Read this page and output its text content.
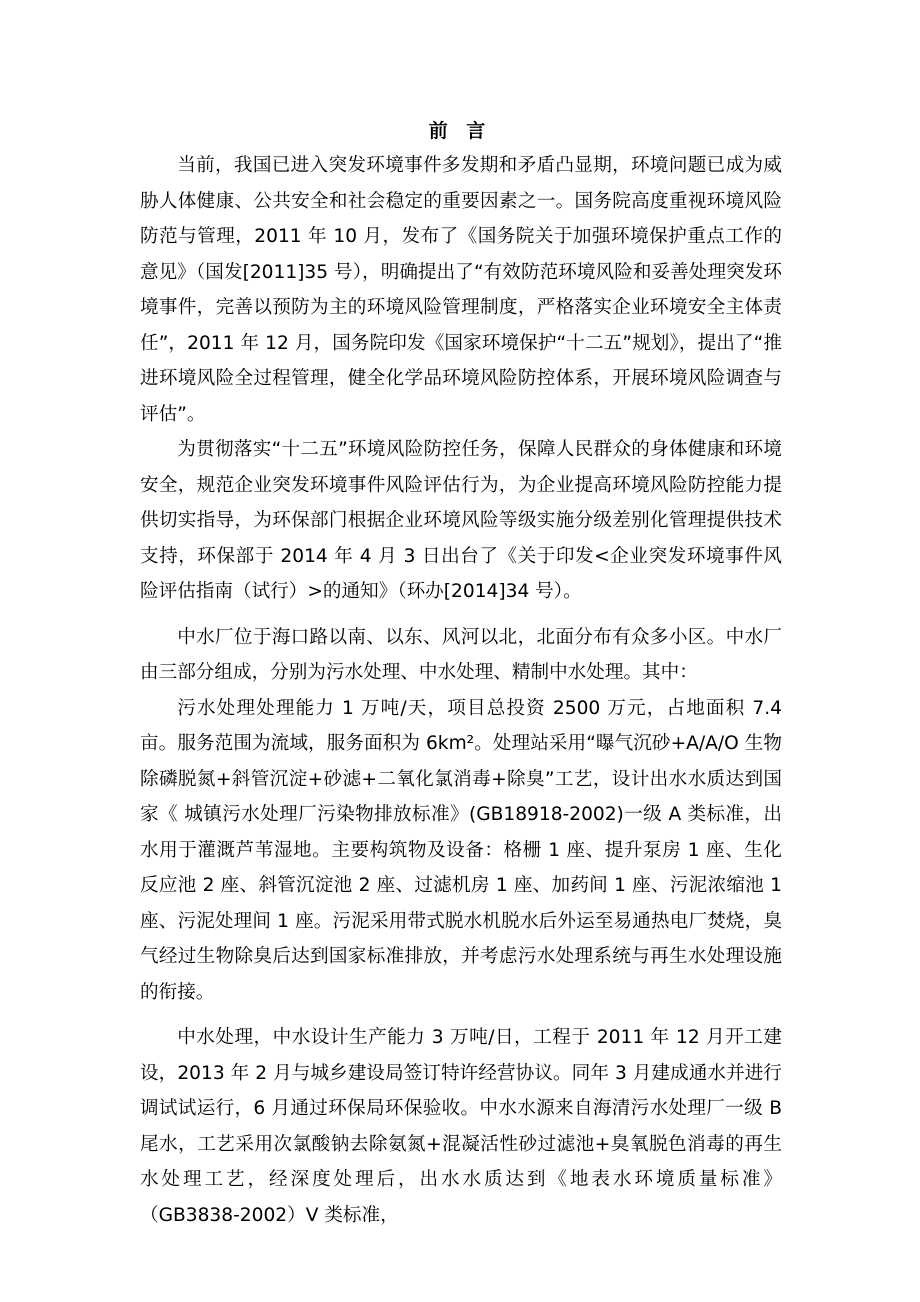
前 言

当前，我国已进入突发环境事件多发期和矛盾凸显期，环境问题已成为威胁人体健康、公共安全和社会稳定的重要因素之一。国务院高度重视环境风险防范与管理，2011 年 10 月，发布了《国务院关于加强环境保护重点工作的意见》（国发[2011]35 号），明确提出了“有效防范环境风险和妥善处理突发环境事件，完善以预防为主的环境风险管理制度，严格落实企业环境安全主体责任”，2011 年 12 月，国务院印发《国家环境保护“十二五”规划》，提出了“推进环境风险全过程管理，健全化学品环境风险防控体系，开展环境风险调查与评估”。

为贯彻落实“十二五”环境风险防控任务，保障人民群众的身体健康和环境安全，规范企业突发环境事件风险评估行为，为企业提高环境风险防控能力提供切实指导，为环保部门根据企业环境风险等级实施分级差别化管理提供技术支持，环保部于 2014 年 4 月 3 日出台了《关于印发<企业突发环境事件风险评估指南（试行）>的通知》（环办[2014]34 号）。

中水厂位于海口路以南、以东、风河以北，北面分布有众多小区。中水厂由三部分组成，分别为污水处理、中水处理、精制中水处理。其中：

污水处理处理能力 1 万吨/天，项目总投资 2500 万元，占地面积 7.4 亩。服务范围为流域，服务面积为 6km²。处理站采用“曝气沉砂+A/A/O 生物除磷脱氮+斜管沉淀+砂滤+二氧化氯消毒+除臭”工艺，设计出水水质达到国家《 城镇污水处理厂污染物排放标准》(GB18918-2002)一级 A 类标准，出水用于灌溉芦苇湿地。主要构筑物及设备：格栅 1 座、提升泵房 1 座、生化反应池 2 座、斜管沉淀池 2 座、过滤机房 1 座、加药间 1 座、污泥浓缩池 1 座、污泥处理间 1 座。污泥采用带式脱水机脱水后外运至易通热电厂焚烧，臭气经过生物除臭后达到国家标准排放，并考虑污水处理系统与再生水处理设施的衔接。

中水处理，中水设计生产能力 3 万吨/日，工程于 2011 年 12 月开工建设，2013 年 2 月与城乡建设局签订特许经营协议。同年 3 月建成通水并进行调试试运行，6 月通过环保局环保验收。中水水源来自海清污水处理厂一级 B 尾水，工艺采用次氯酸钠去除氨氮+混凝活性砂过滤池+臭氧脱色消毒的再生水处理工艺，经深度处理后，出水水质达到《地表水环境质量标准》（GB3838-2002）V 类标准，
